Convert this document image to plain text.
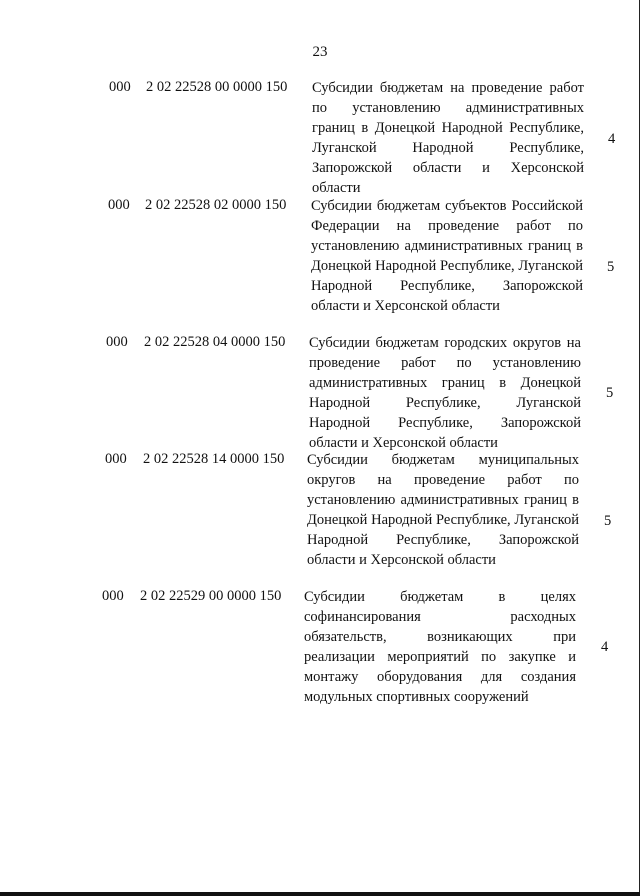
23
000 2 02 22528 00 0000 150 Субсидии бюджетам на проведение работ по установлению административных границ в Донецкой Народной Республике, Луганской Народной Республике, Запорожской области и Херсонской области
4
000 2 02 22528 02 0000 150 Субсидии бюджетам субъектов Российской Федерации на проведение работ по установлению административных границ в Донецкой Народной Республике, Луганской Народной Республике, Запорожской области и Херсонской области
5
000 2 02 22528 04 0000 150 Субсидии бюджетам городских округов на проведение работ по установлению административных границ в Донецкой Народной Республике, Луганской Народной Республике, Запорожской области и Херсонской области
5
000 2 02 22528 14 0000 150 Субсидии бюджетам муниципальных округов на проведение работ по установлению административных границ в Донецкой Народной Республике, Луганской Народной Республике, Запорожской области и Херсонской области
5
000 2 02 22529 00 0000 150 Субсидии бюджетам в целях софинансирования расходных обязательств, возникающих при реализации мероприятий по закупке и монтажу оборудования для создания модульных спортивных сооружений
4
